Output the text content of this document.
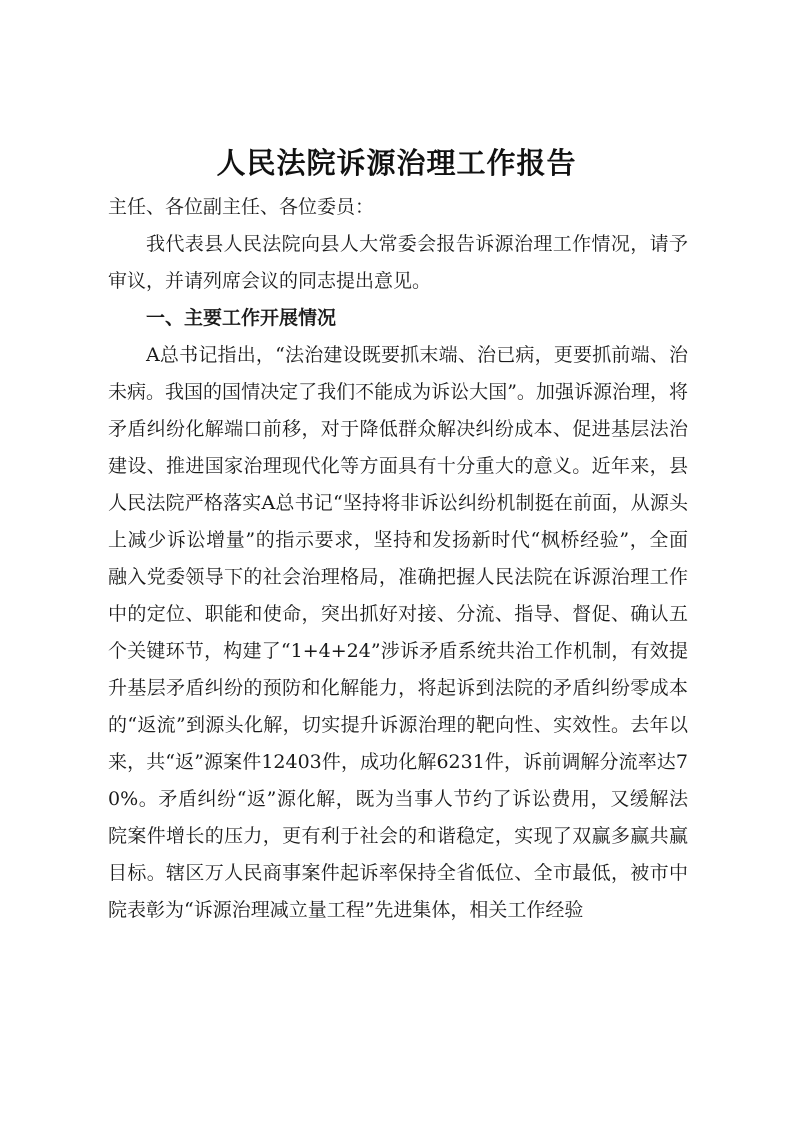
人民法院诉源治理工作报告

主任、各位副主任、各位委员：

我代表县人民法院向县人大常委会报告诉源治理工作情况，请予审议，并请列席会议的同志提出意见。

一、主要工作开展情况

A总书记指出，“法治建设既要抓末端、治已病，更要抓前端、治未病。我国的国情决定了我们不能成为诉讼大国”。加强诉源治理，将矛盾纠纷化解端口前移，对于降低群众解决纠纷成本、促进基层法治建设、推进国家治理现代化等方面具有十分重大的意义。近年来，县人民法院严格落实A总书记“坚持将非诉讼纠纷机制挺在前面，从源头上减少诉讼增量”的指示要求，坚持和发扬新时代“枫桥经验”，全面融入党委领导下的社会治理格局，准确把握人民法院在诉源治理工作中的定位、职能和使命，突出抓好对接、分流、指导、督促、确认五个关键环节，构建了“1+4+24”涉诉矛盾系统共治工作机制，有效提升基层矛盾纠纷的预防和化解能力，将起诉到法院的矛盾纠纷零成本的“返流”到源头化解，切实提升诉源治理的靶向性、实效性。去年以来，共“返”源案件12403件，成功化解6231件，诉前调解分流率达70%。矛盾纠纷“返”源化解，既为当事人节约了诉讼费用，又缓解法院案件增长的压力，更有利于社会的和谐稳定，实现了双赢多赢共赢目标。辖区万人民商事案件起诉率保持全省低位、全市最低，被市中院表彰为“诉源治理减立量工程”先进集体，相关工作经验
